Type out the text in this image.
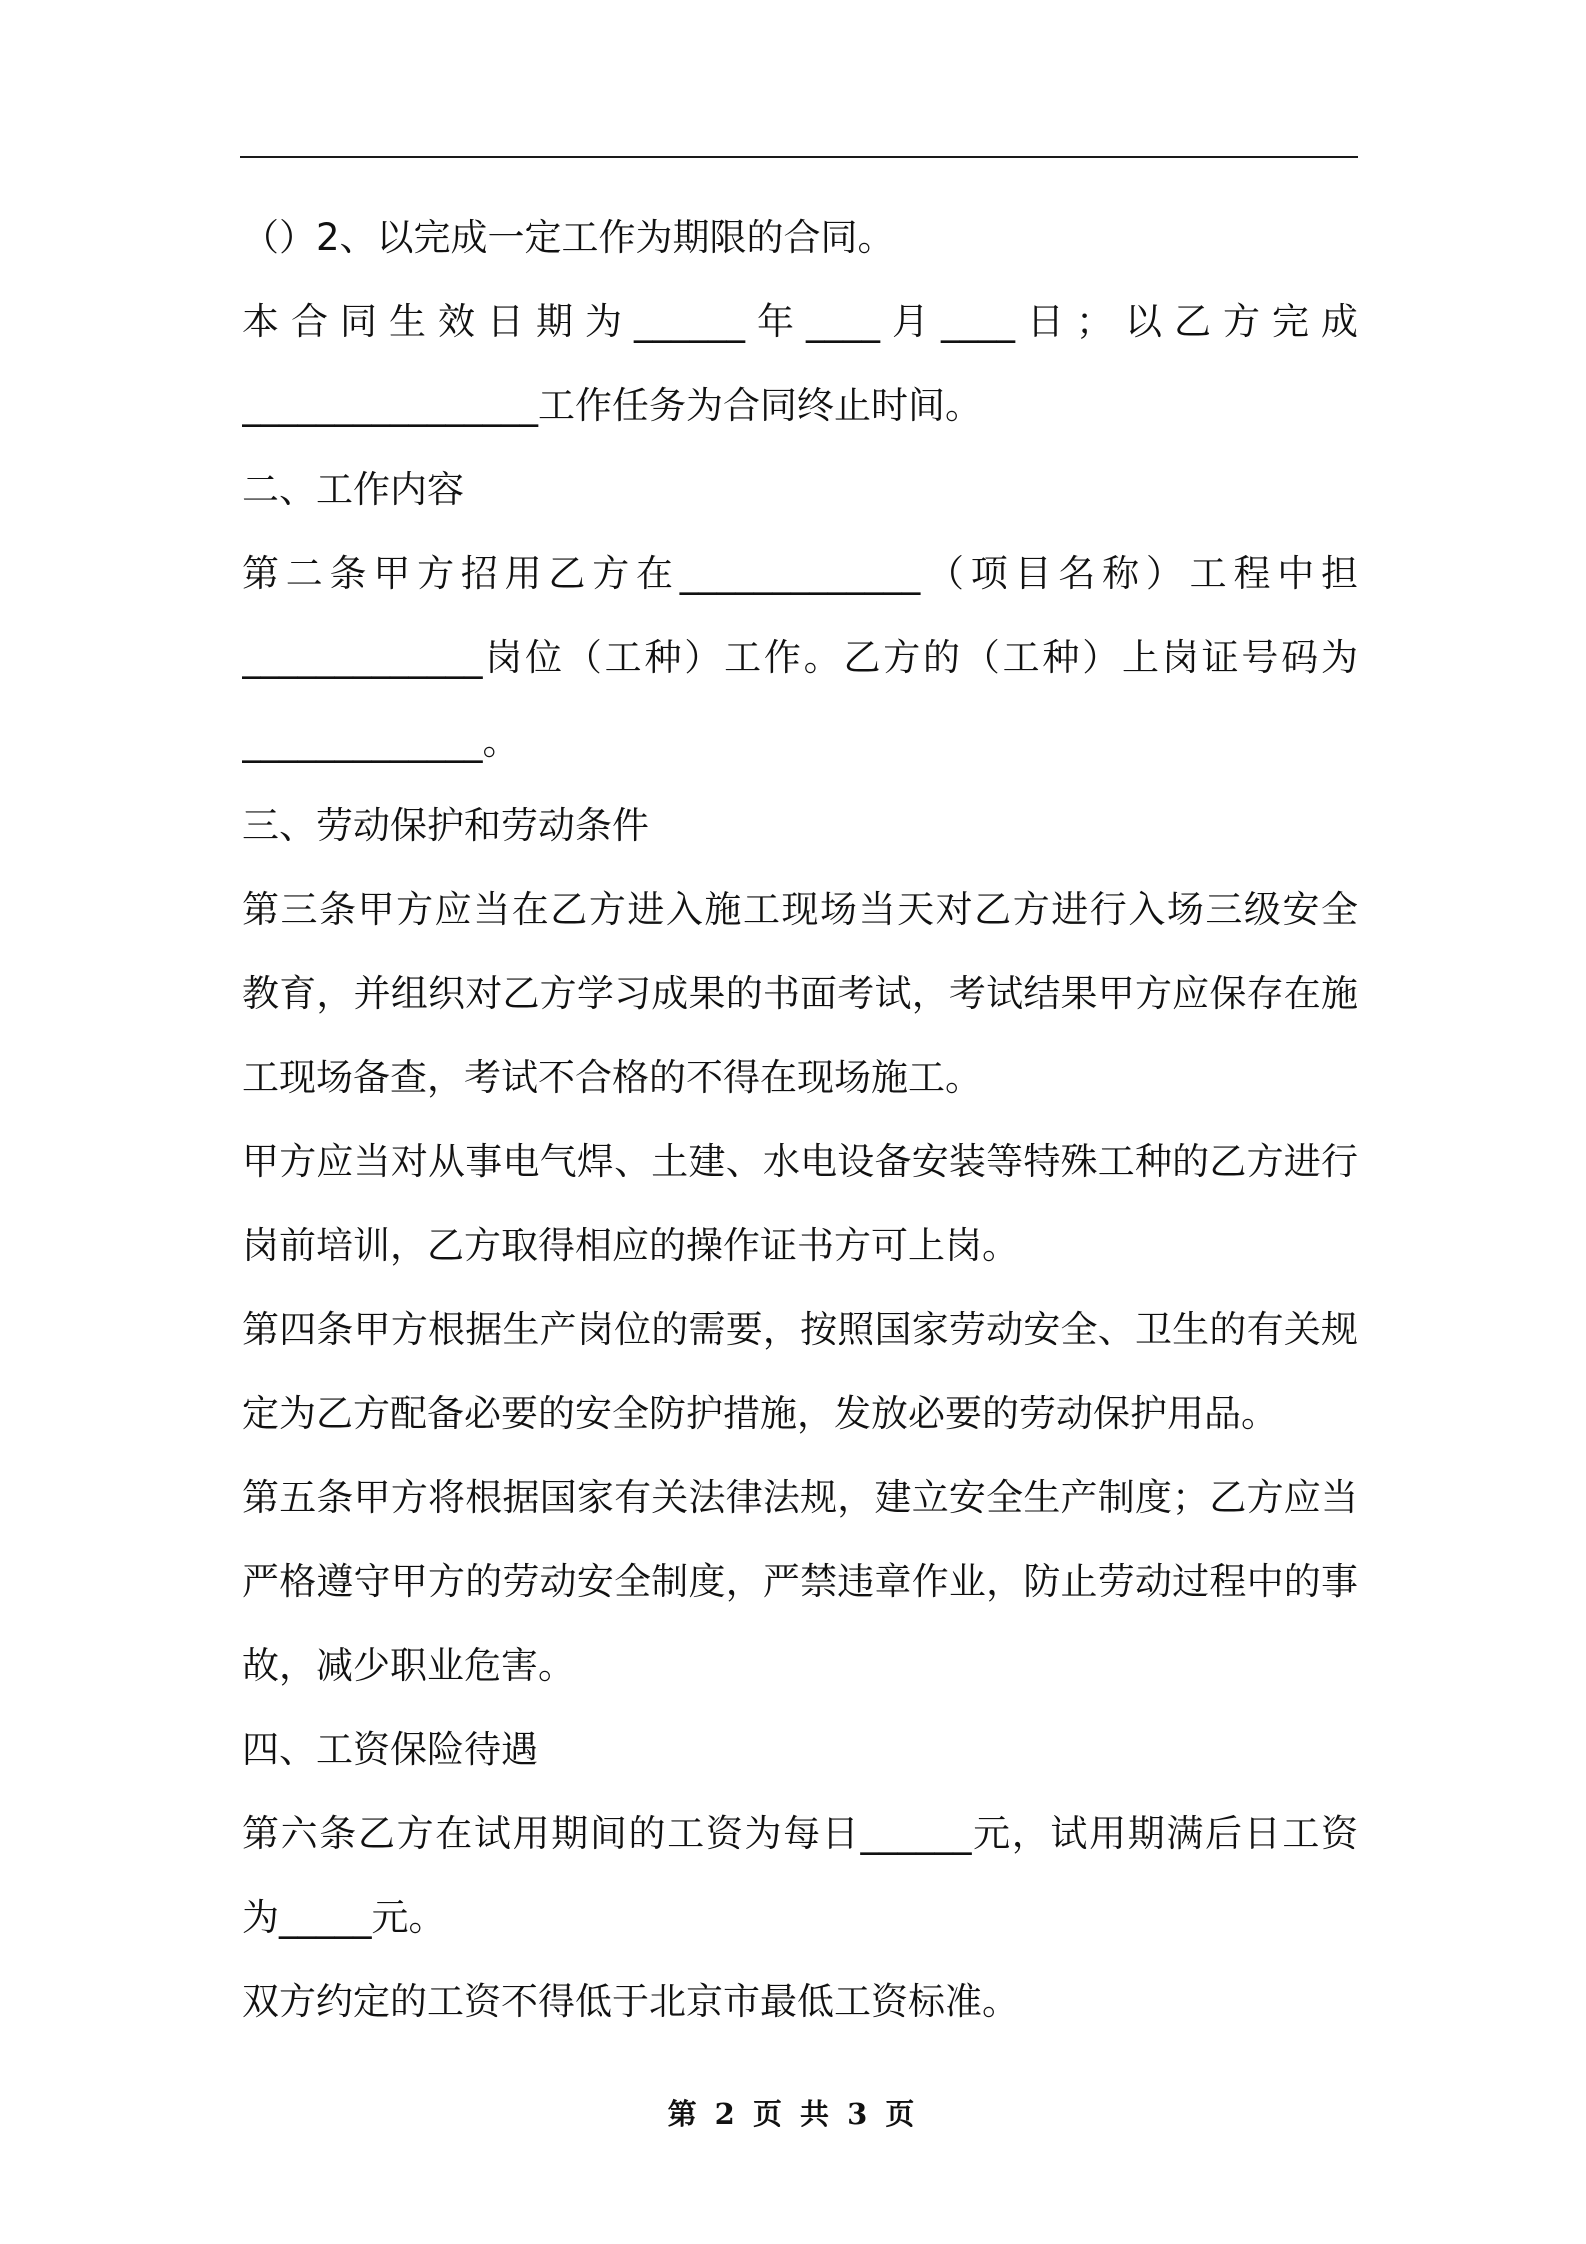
（）2、以完成一定工作为期限的合同。
本合同生效日期为______年____月____日；以乙方完成
________________工作任务为合同终止时间。
二、工作内容
第二条甲方招用乙方在_____________（项目名称）工程中担
_____________岗位（工种）工作。乙方的（工种）上岗证号码为
_____________。
三、劳动保护和劳动条件
第三条甲方应当在乙方进入施工现场当天对乙方进行入场三级安全
教育，并组织对乙方学习成果的书面考试，考试结果甲方应保存在施
工现场备查，考试不合格的不得在现场施工。
甲方应当对从事电气焊、土建、水电设备安装等特殊工种的乙方进行
岗前培训，乙方取得相应的操作证书方可上岗。
第四条甲方根据生产岗位的需要，按照国家劳动安全、卫生的有关规
定为乙方配备必要的安全防护措施，发放必要的劳动保护用品。
第五条甲方将根据国家有关法律法规，建立安全生产制度；乙方应当
严格遵守甲方的劳动安全制度，严禁违章作业，防止劳动过程中的事
故，减少职业危害。
四、工资保险待遇
第六条乙方在试用期间的工资为每日______元，试用期满后日工资
为_____元。
双方约定的工资不得低于北京市最低工资标准。
第 2 页 共 3 页
